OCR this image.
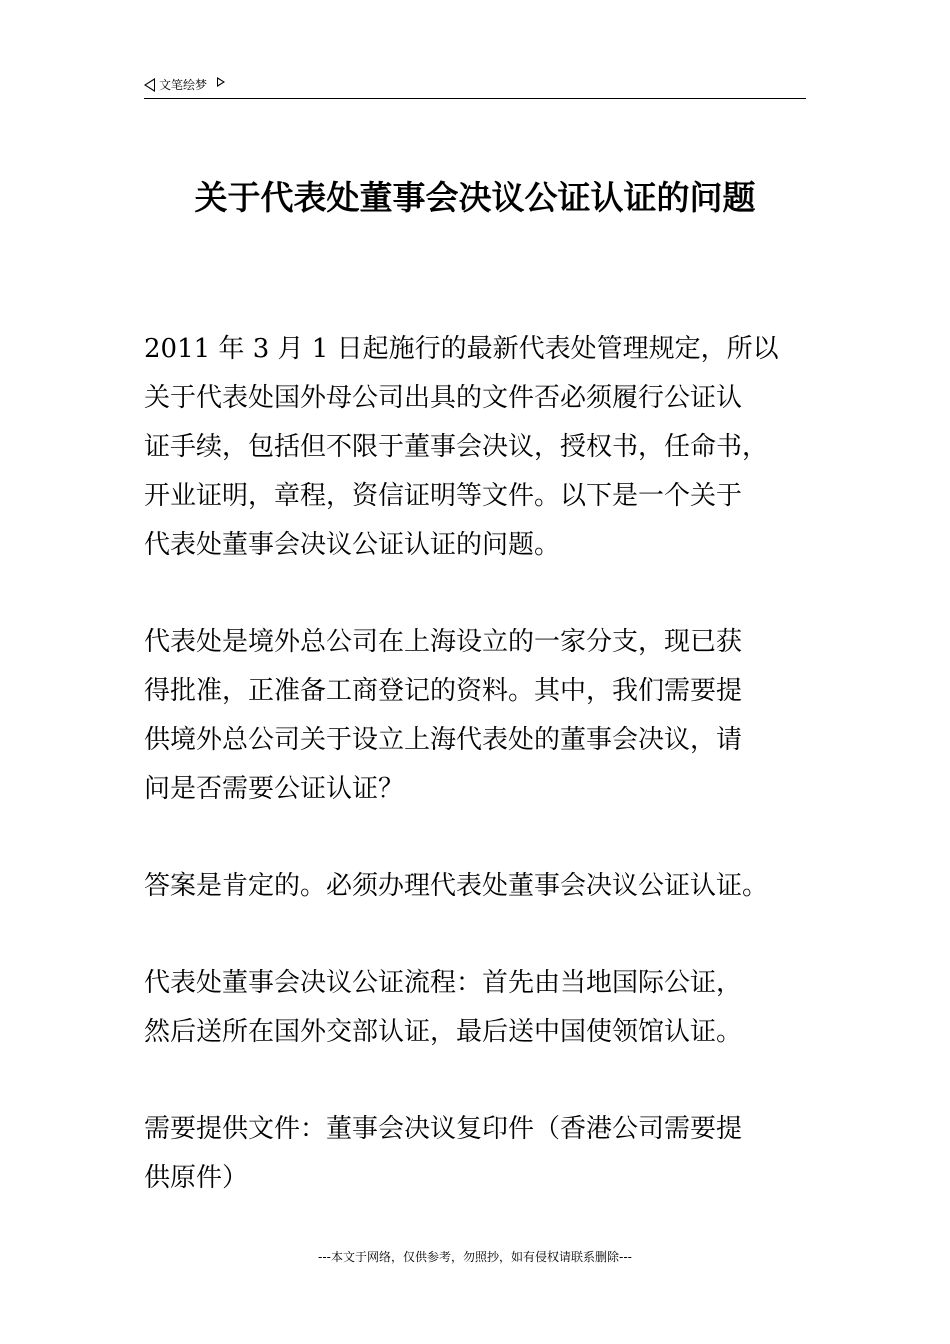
文笔绘梦
关于代表处董事会决议公证认证的问题
2011 年 3 月 1 日起施行的最新代表处管理规定，所以
关于代表处国外母公司出具的文件否必须履行公证认
证手续，包括但不限于董事会决议，授权书，任命书，
开业证明，章程，资信证明等文件。以下是一个关于
代表处董事会决议公证认证的问题。
代表处是境外总公司在上海设立的一家分支，现已获
得批准，正准备工商登记的资料。其中，我们需要提
供境外总公司关于设立上海代表处的董事会决议，请
问是否需要公证认证？
答案是肯定的。必须办理代表处董事会决议公证认证。
代表处董事会决议公证流程：首先由当地国际公证，
然后送所在国外交部认证，最后送中国使领馆认证。
需要提供文件：董事会决议复印件（香港公司需要提
供原件）
---本文于网络，仅供参考，勿照抄，如有侵权请联系删除---
